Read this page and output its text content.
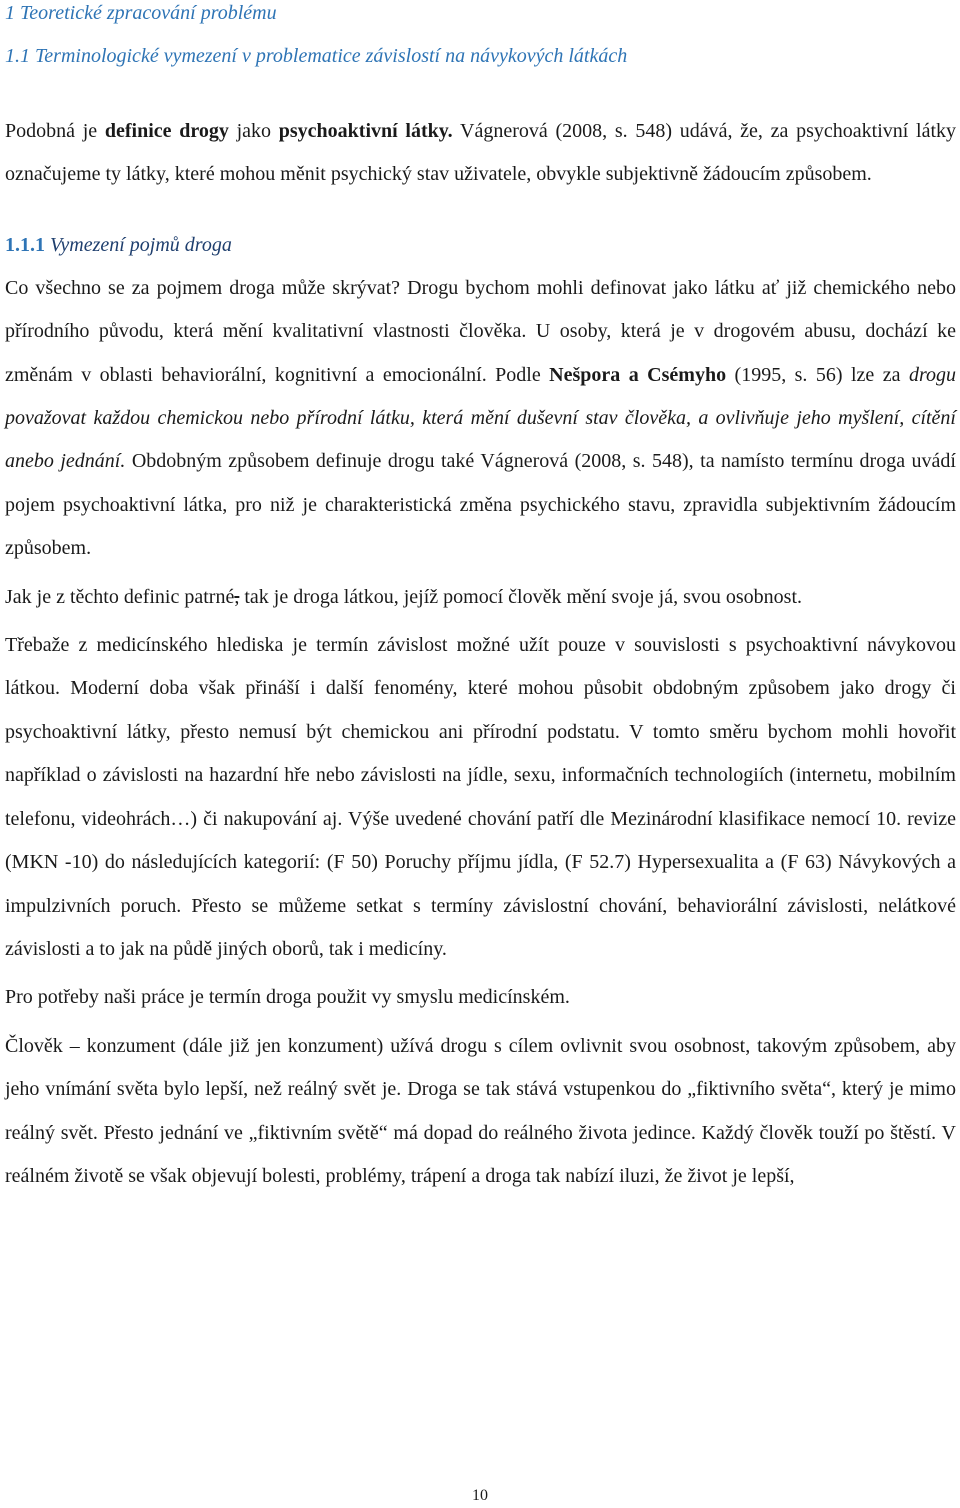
1 Teoretické zpracování problému
1.1 Terminologické vymezení v problematice závislostí na návykových látkách

Podobná je definice drogy jako psychoaktivní látky. Vágnerová (2008, s. 548) udává, že, za psychoaktivní látky označujeme ty látky, které mohou měnit psychický stav uživatele, obvykle subjektivně žádoucím způsobem.

1.1.1 Vymezení pojmů droga

Co všechno se za pojmem droga může skrývat? Drogu bychom mohli definovat jako látku ať již chemického nebo přírodního původu, která mění kvalitativní vlastnosti člověka. U osoby, která je v drogovém abusu, dochází ke změnám v oblasti behaviorální, kognitivní a emocionální. Podle Nešpora a Csémyho (1995, s. 56) lze za drogu považovat každou chemickou nebo přírodní látku, která mění duševní stav člověka, a ovlivňuje jeho myšlení, cítění anebo jednání. Obdobným způsobem definuje drogu také Vágnerová (2008, s. 548), ta namísto termínu droga uvádí pojem psychoaktivní látka, pro niž je charakteristická změna psychického stavu, zpravidla subjektivním žádoucím způsobem.

Jak je z těchto definic patrné, tak je droga látkou, jejíž pomocí člověk mění svoje já, svou osobnost.

Třebaže z medicínského hlediska je termín závislost možné užít pouze v souvislosti s psychoaktivní návykovou látkou. Moderní doba však přináší i další fenomény, které mohou působit obdobným způsobem jako drogy či psychoaktivní látky, přesto nemusí být chemickou ani přírodní podstatu. V tomto směru bychom mohli hovořit například o závislosti na hazardní hře nebo závislosti na jídle, sexu, informačních technologiích (internetu, mobilním telefonu, videohrách…) či nakupování aj. Výše uvedené chování patří dle Mezinárodní klasifikace nemocí 10. revize (MKN -10) do následujících kategorií: (F 50) Poruchy příjmu jídla, (F 52.7) Hypersexualita a (F 63) Návykových a impulzivních poruch. Přesto se můžeme setkat s termíny závislostní chování, behaviorální závislosti, nelátkové závislosti a to jak na půdě jiných oborů, tak i medicíny.

Pro potřeby naši práce je termín droga použit vy smyslu medicínském.

Člověk – konzument (dále již jen konzument) užívá drogu s cílem ovlivnit svou osobnost, takovým způsobem, aby jeho vnímání světa bylo lepší, než reálný svět je. Droga se tak stává vstupenkou do „fiktivního světa“, který je mimo reálný svět. Přesto jednání ve „fiktivním světě“ má dopad do reálného života jedince. Každý člověk touží po štěstí. V reálném životě se však objevují bolesti, problémy, trápení a droga tak nabízí iluzi, že život je lepší,

10
